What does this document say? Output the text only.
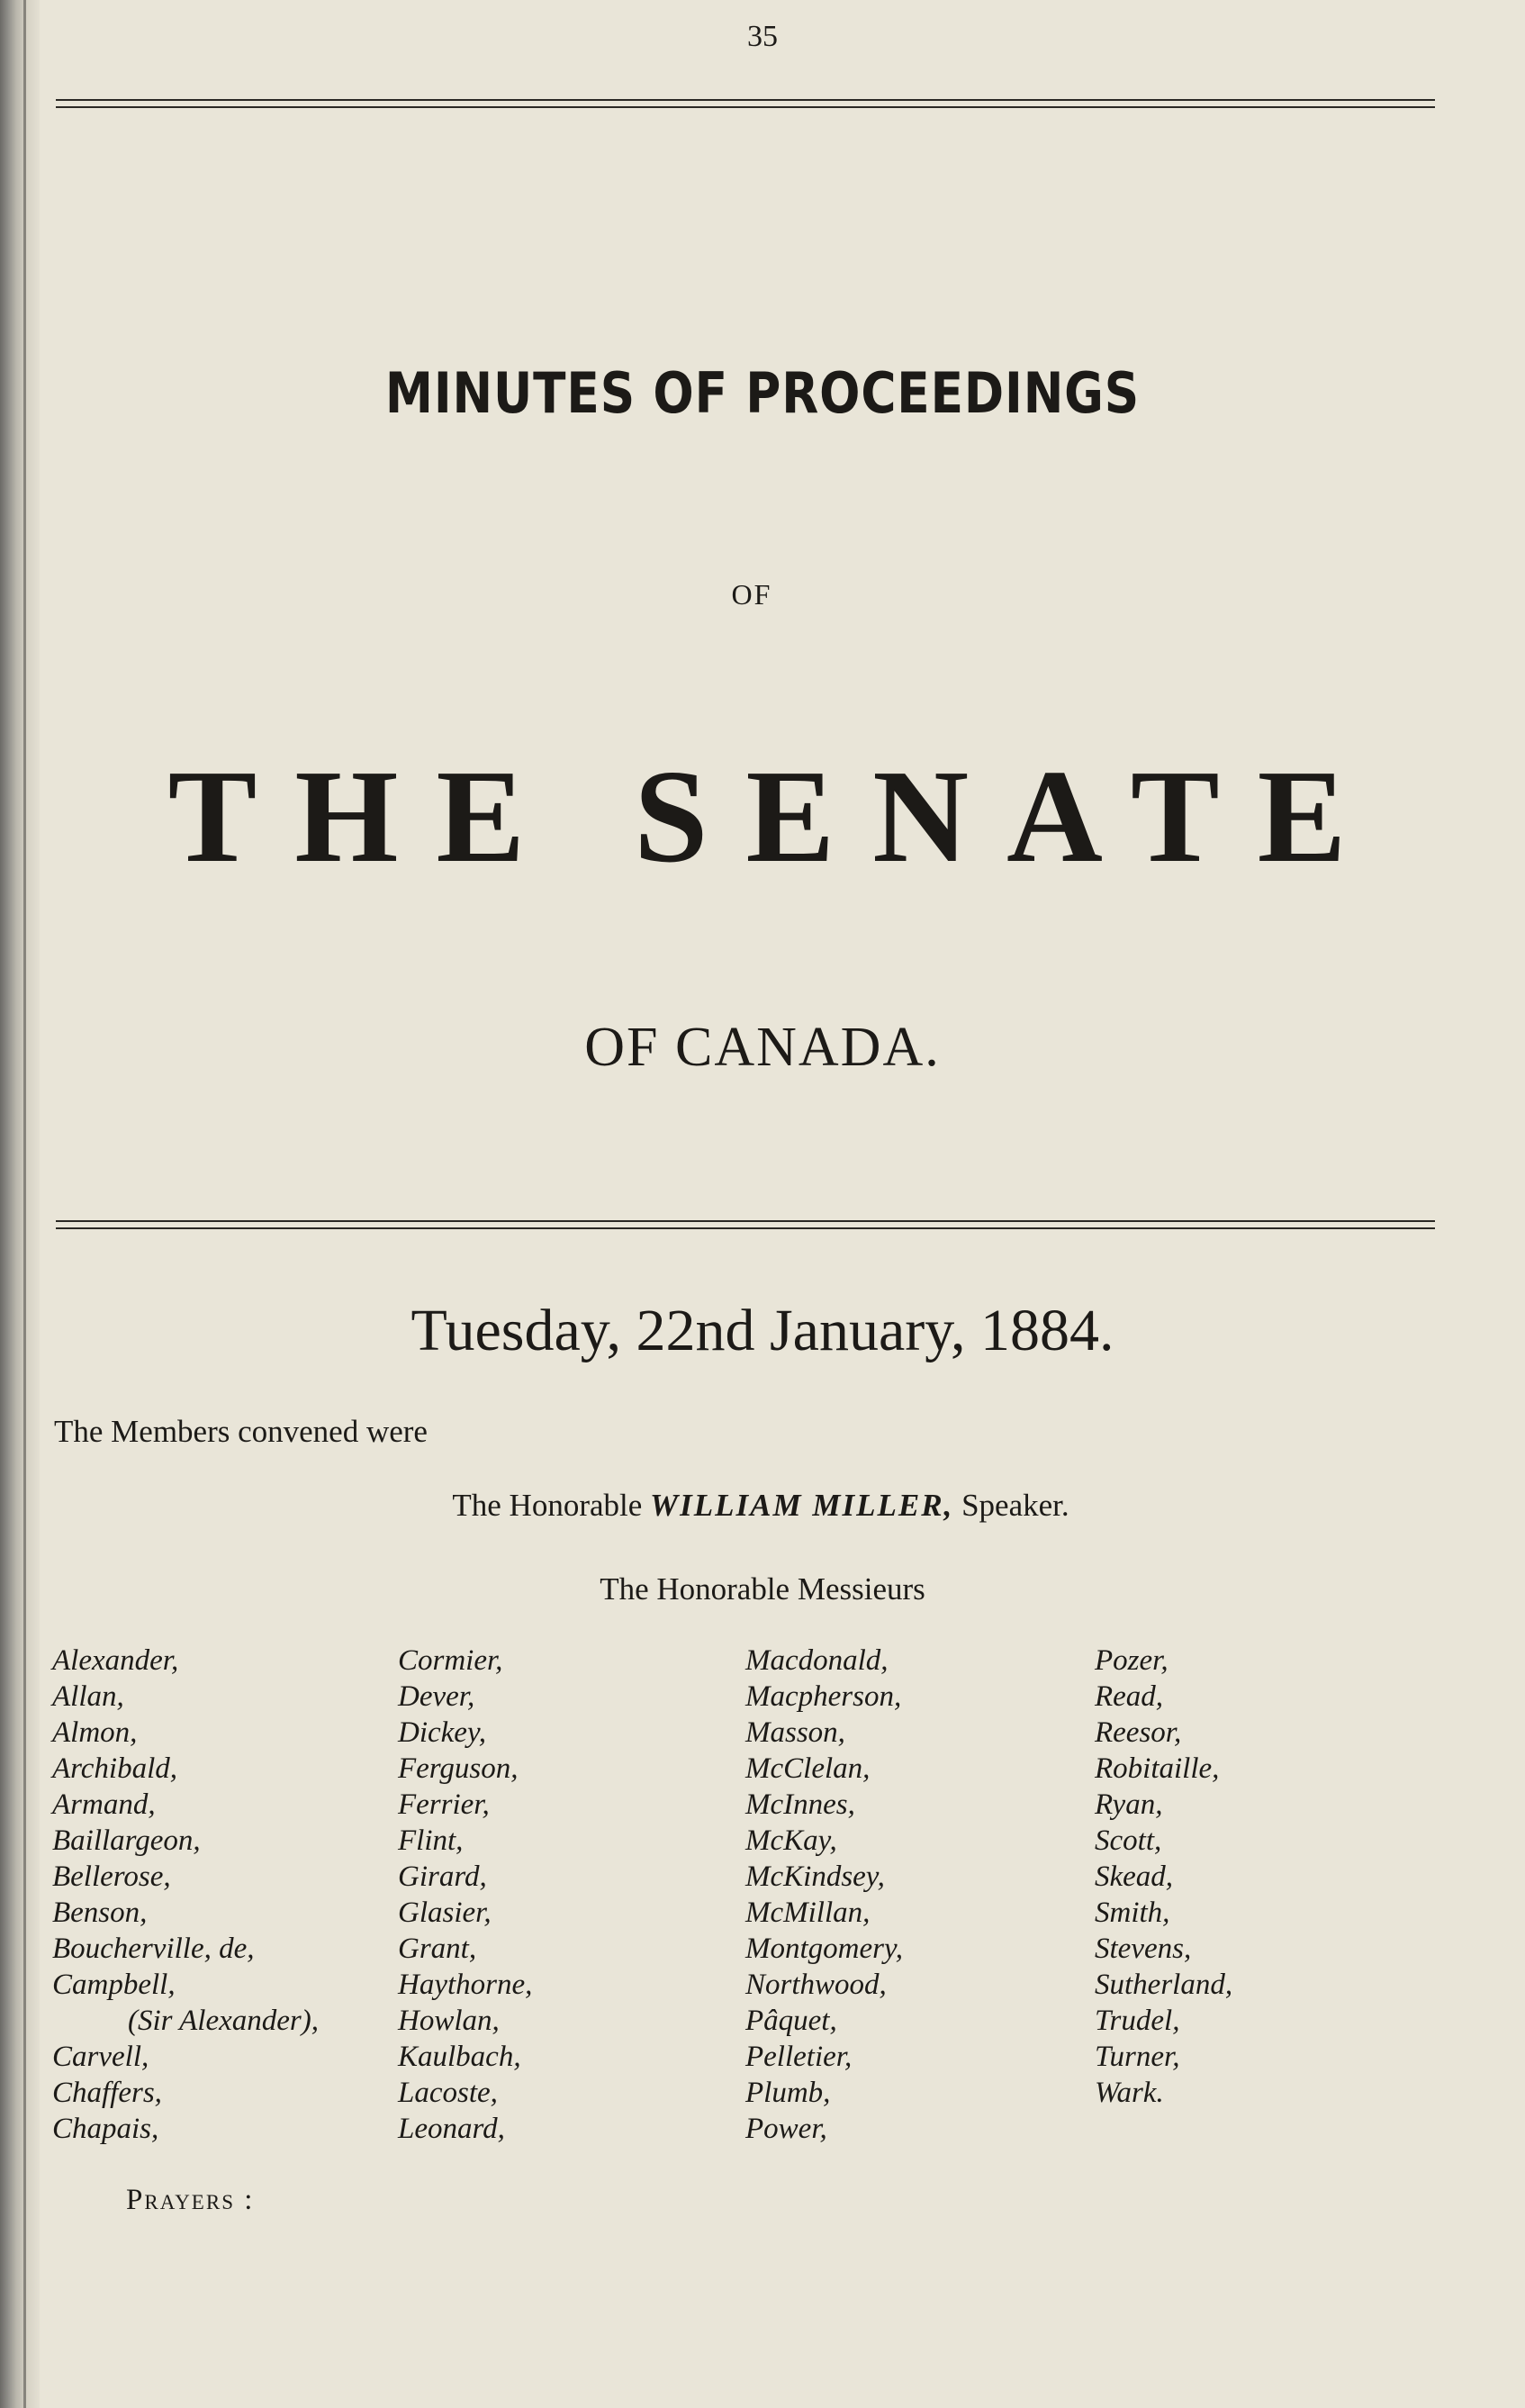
35
MINUTES OF PROCEEDINGS
OF
THE SENATE
OF CANADA.
Tuesday, 22nd January, 1884.
The Members convened were
The Honorable WILLIAM MILLER, Speaker.
The Honorable Messieurs
Alexander,
Allan,
Almon,
Archibald,
Armand,
Baillargeon,
Bellerose,
Benson,
Boucherville, de,
Campbell,
(Sir Alexander),
Carvell,
Chaffers,
Chapais,
Cormier,
Dever,
Dickey,
Ferguson,
Ferrier,
Flint,
Girard,
Glasier,
Grant,
Haythorne,
Howlan,
Kaulbach,
Lacoste,
Leonard,
Macdonald,
Macpherson,
Masson,
McClelan,
McInnes,
McKay,
McKindsey,
McMillan,
Montgomery,
Northwood,
Pâquet,
Pelletier,
Plumb,
Power,
Pozer,
Read,
Reesor,
Robitaille,
Ryan,
Scott,
Skead,
Smith,
Stevens,
Sutherland,
Trudel,
Turner,
Wark.
Prayers :
